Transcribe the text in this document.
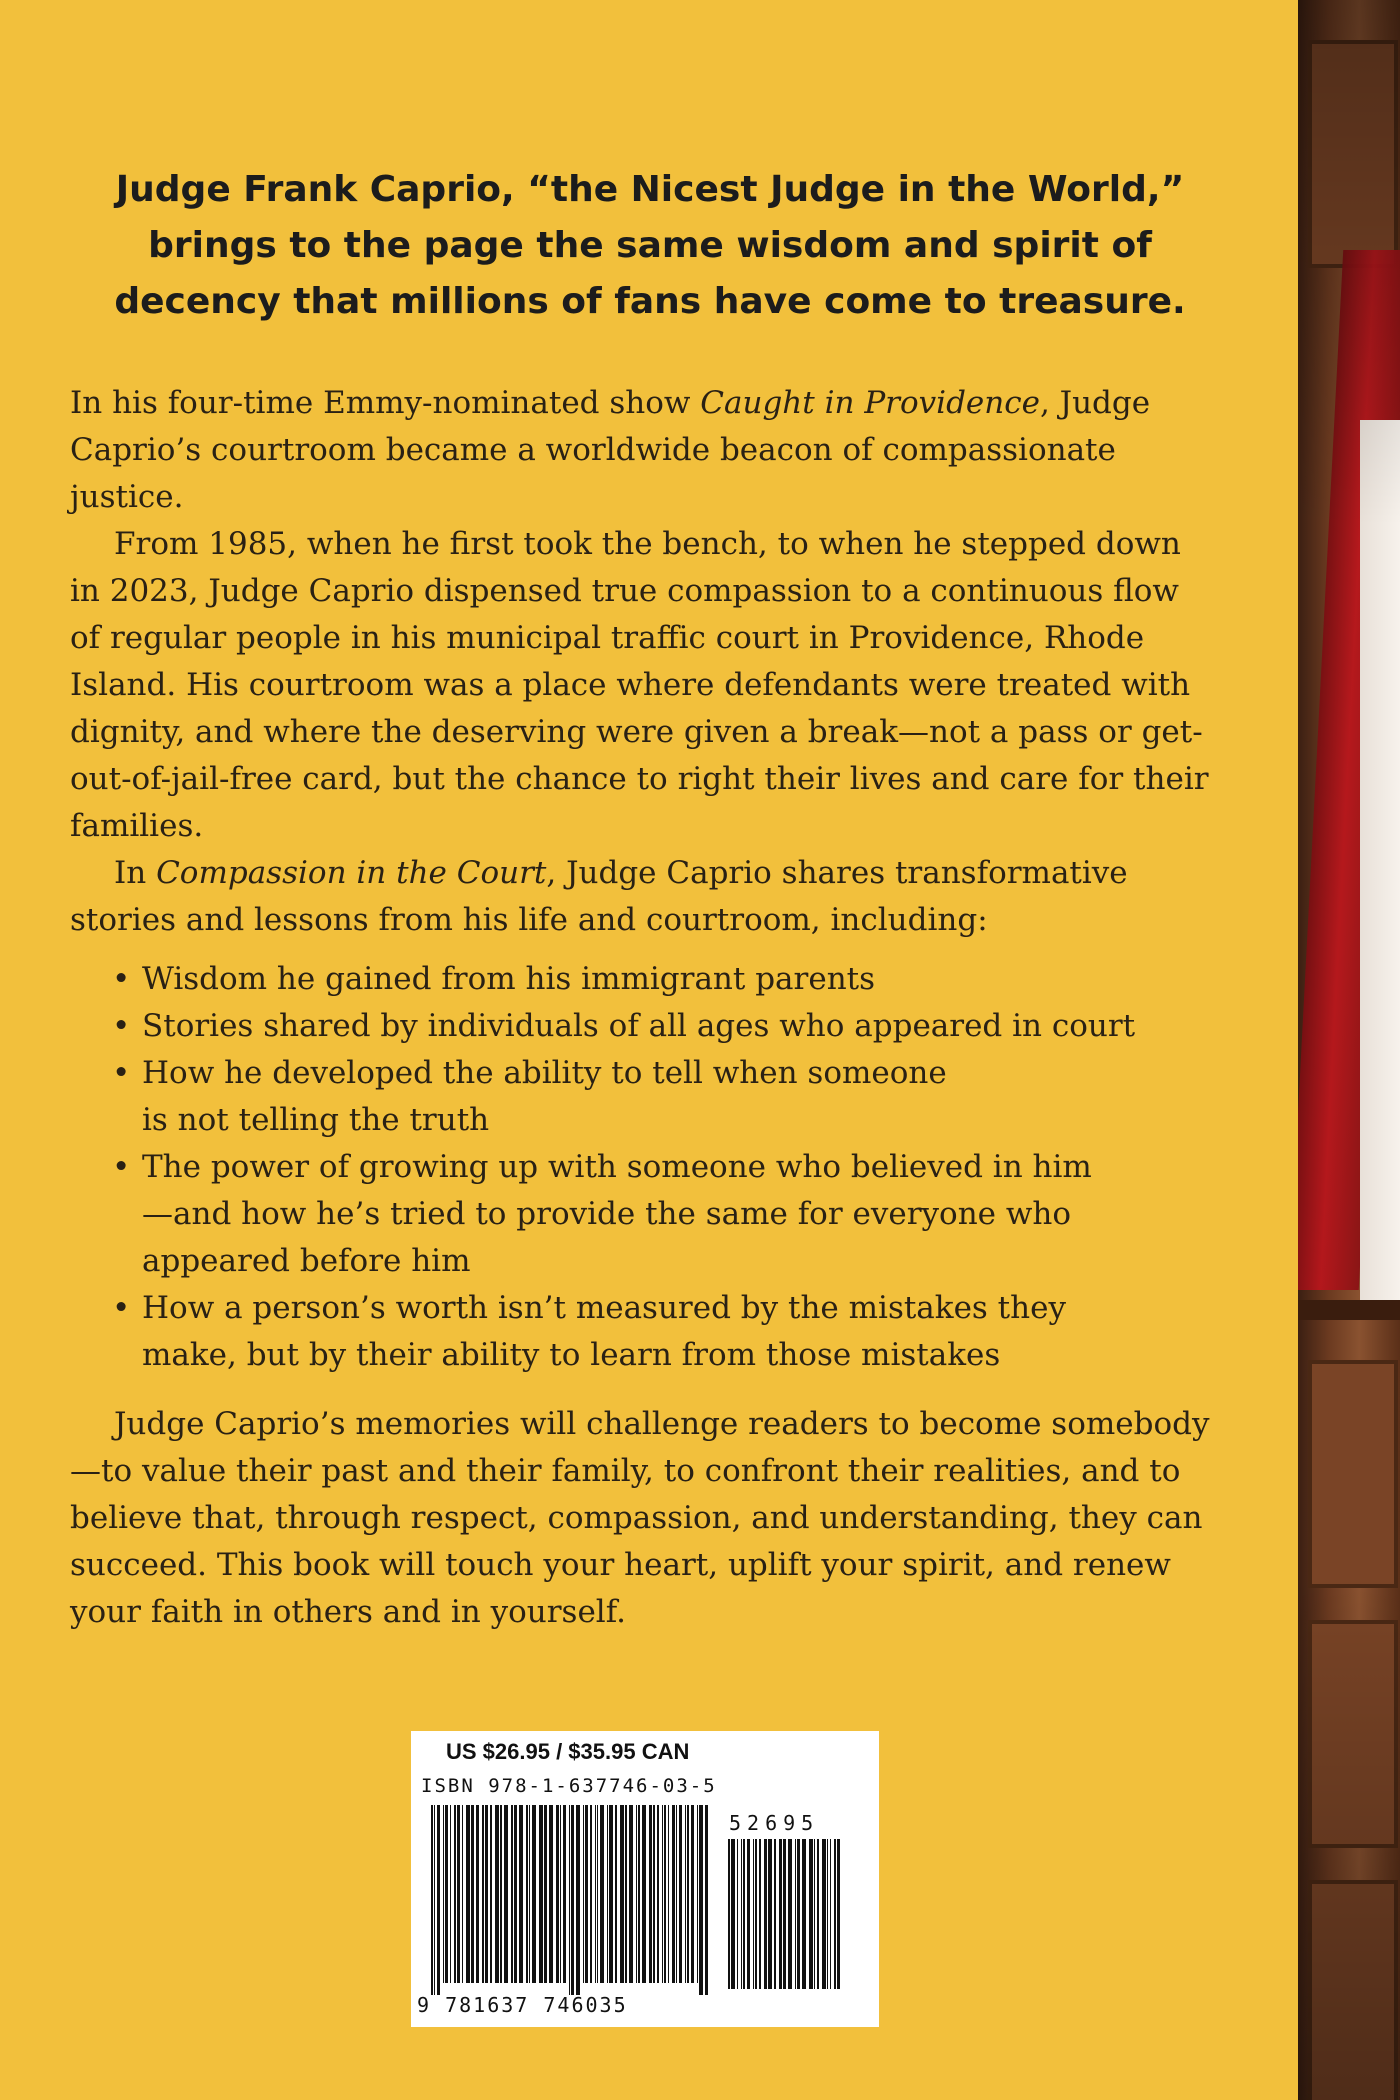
Judge Frank Caprio, “the Nicest Judge in the World,”
brings to the page the same wisdom and spirit of
decency that millions of fans have come to treasure.

In his four-time Emmy-nominated show Caught in Providence, Judge Caprio’s courtroom became a worldwide beacon of compassionate justice.

From 1985, when he first took the bench, to when he stepped down in 2023, Judge Caprio dispensed true compassion to a continuous flow of regular people in his municipal traffic court in Providence, Rhode Island. His courtroom was a place where defendants were treated with dignity, and where the deserving were given a break—not a pass or get-out-of-jail-free card, but the chance to right their lives and care for their families.

In Compassion in the Court, Judge Caprio shares transformative stories and lessons from his life and courtroom, including:

• Wisdom he gained from his immigrant parents
• Stories shared by individuals of all ages who appeared in court
• How he developed the ability to tell when someone is not telling the truth
• The power of growing up with someone who believed in him—and how he’s tried to provide the same for everyone who appeared before him
• How a person’s worth isn’t measured by the mistakes they make, but by their ability to learn from those mistakes

Judge Caprio’s memories will challenge readers to become somebody—to value their past and their family, to confront their realities, and to believe that, through respect, compassion, and understanding, they can succeed. This book will touch your heart, uplift your spirit, and renew your faith in others and in yourself.

US $26.95 / $35.95 CAN
ISBN 978-1-637746-03-5
52695
9 781637 746035
